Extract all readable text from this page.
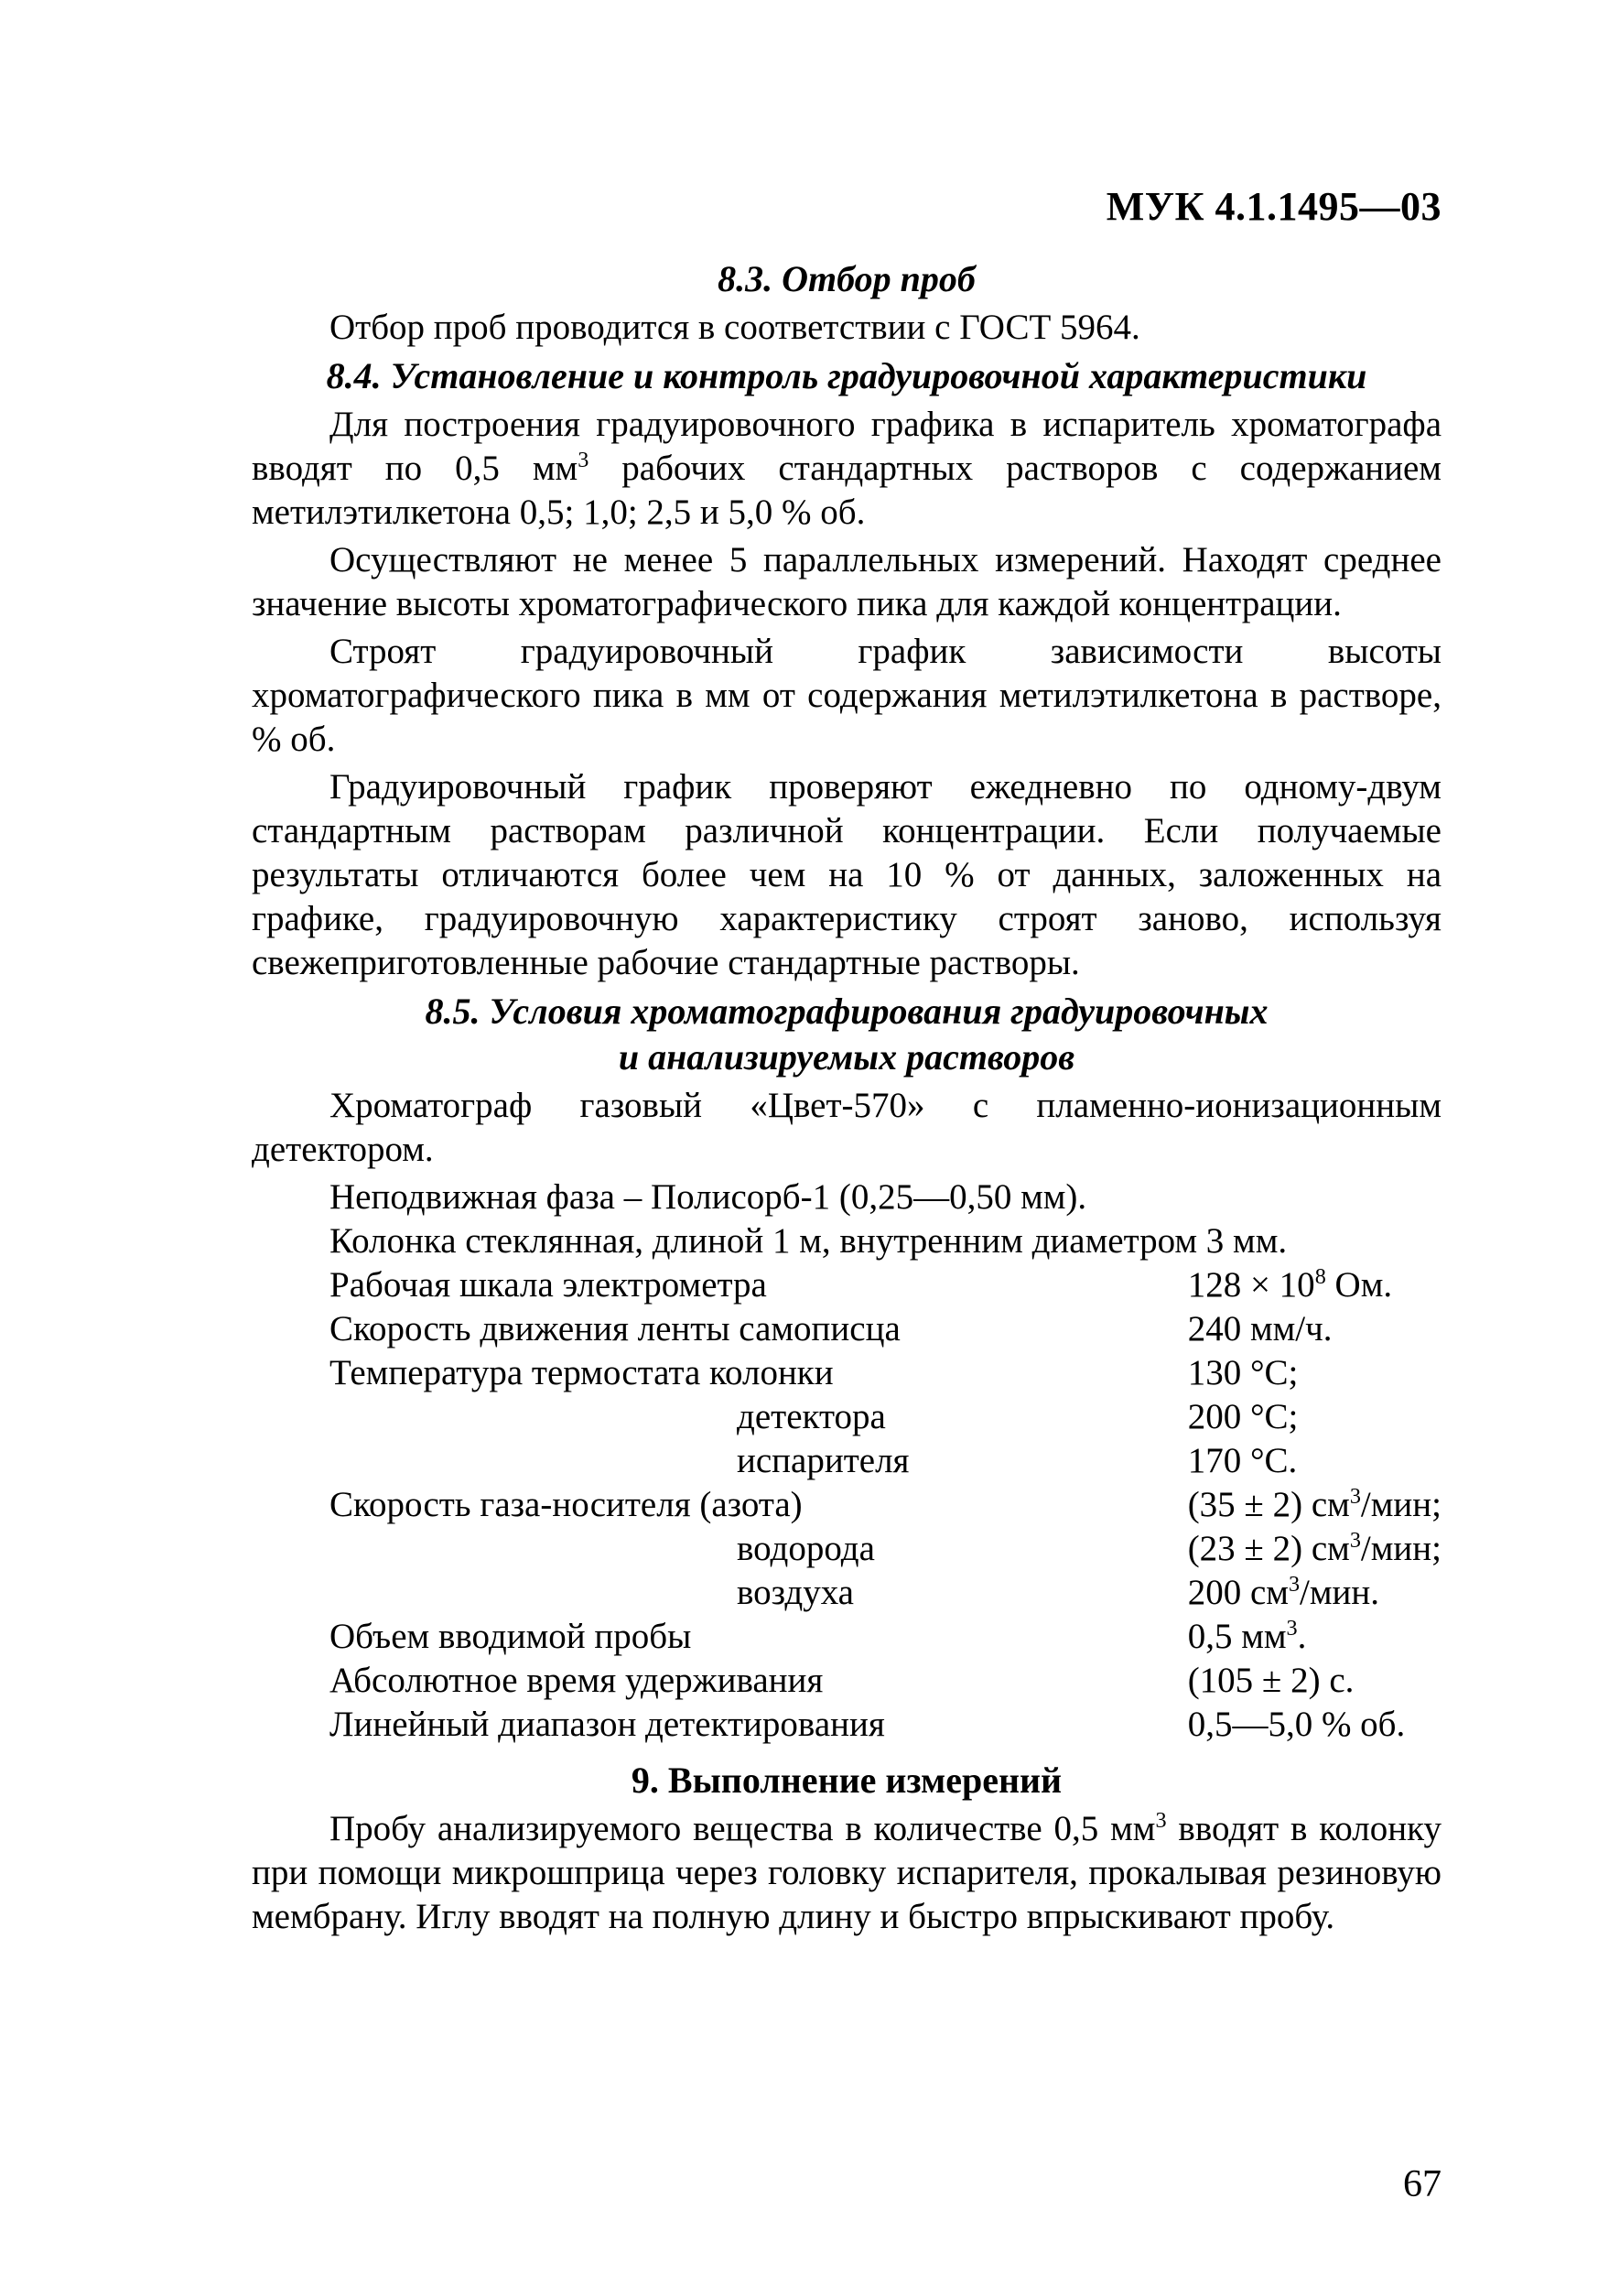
МУК 4.1.1495—03

8.3. Отбор проб

Отбор проб проводится в соответствии с ГОСТ 5964.

8.4. Установление и контроль градуировочной характеристики

Для построения градуировочного графика в испаритель хроматографа вводят по 0,5 $мм^3$ рабочих стандартных растворов с содержанием метилэтилкетона 0,5; 1,0; 2,5 и 5,0 % об.

Осуществляют не менее 5 параллельных измерений. Находят среднее значение высоты хроматографического пика для каждой концентрации.

Строят градуировочный график зависимости высоты хроматографического пика в мм от содержания метилэтилкетона в растворе, % об.

Градуировочный график проверяют ежедневно по одному-двум стандартным растворам различной концентрации. Если получаемые результаты отличаются более чем на 10 % от данных, заложенных на графике, градуировочную характеристику строят заново, используя свежеприготовленные рабочие стандартные растворы.

8.5. Условия хроматографирования градуировочных
и анализируемых растворов

Хроматограф газовый «Цвет-570» с пламенно-ионизационным детектором.

Неподвижная фаза – Полисорб-1 (0,25—0,50 мм).

Колонка стеклянная, длиной 1 м, внутренним диаметром 3 мм.

Рабочая шкала электрометра	$128 \times 10^8$ Ом.
Скорость движения ленты самописца	240 мм/ч.
Температура термостата колонки	130 °С;
детектора	200 °С;
испарителя	170 °С.
Скорость газа-носителя (азота)	(35 ± 2) $см^3$/мин;
водорода	(23 ± 2) $см^3$/мин;
воздуха	200 $см^3$/мин.
Объем вводимой пробы	0,5 $мм^3$.
Абсолютное время удерживания	(105 ± 2) с.
Линейный диапазон детектирования	0,5—5,0 % об.
9. Выполнение измерений

Пробу анализируемого вещества в количестве 0,5 $мм^3$ вводят в колонку при помощи микрошприца через головку испарителя, прокалывая резиновую мембрану. Иглу вводят на полную длину и быстро впрыскивают пробу.

67
